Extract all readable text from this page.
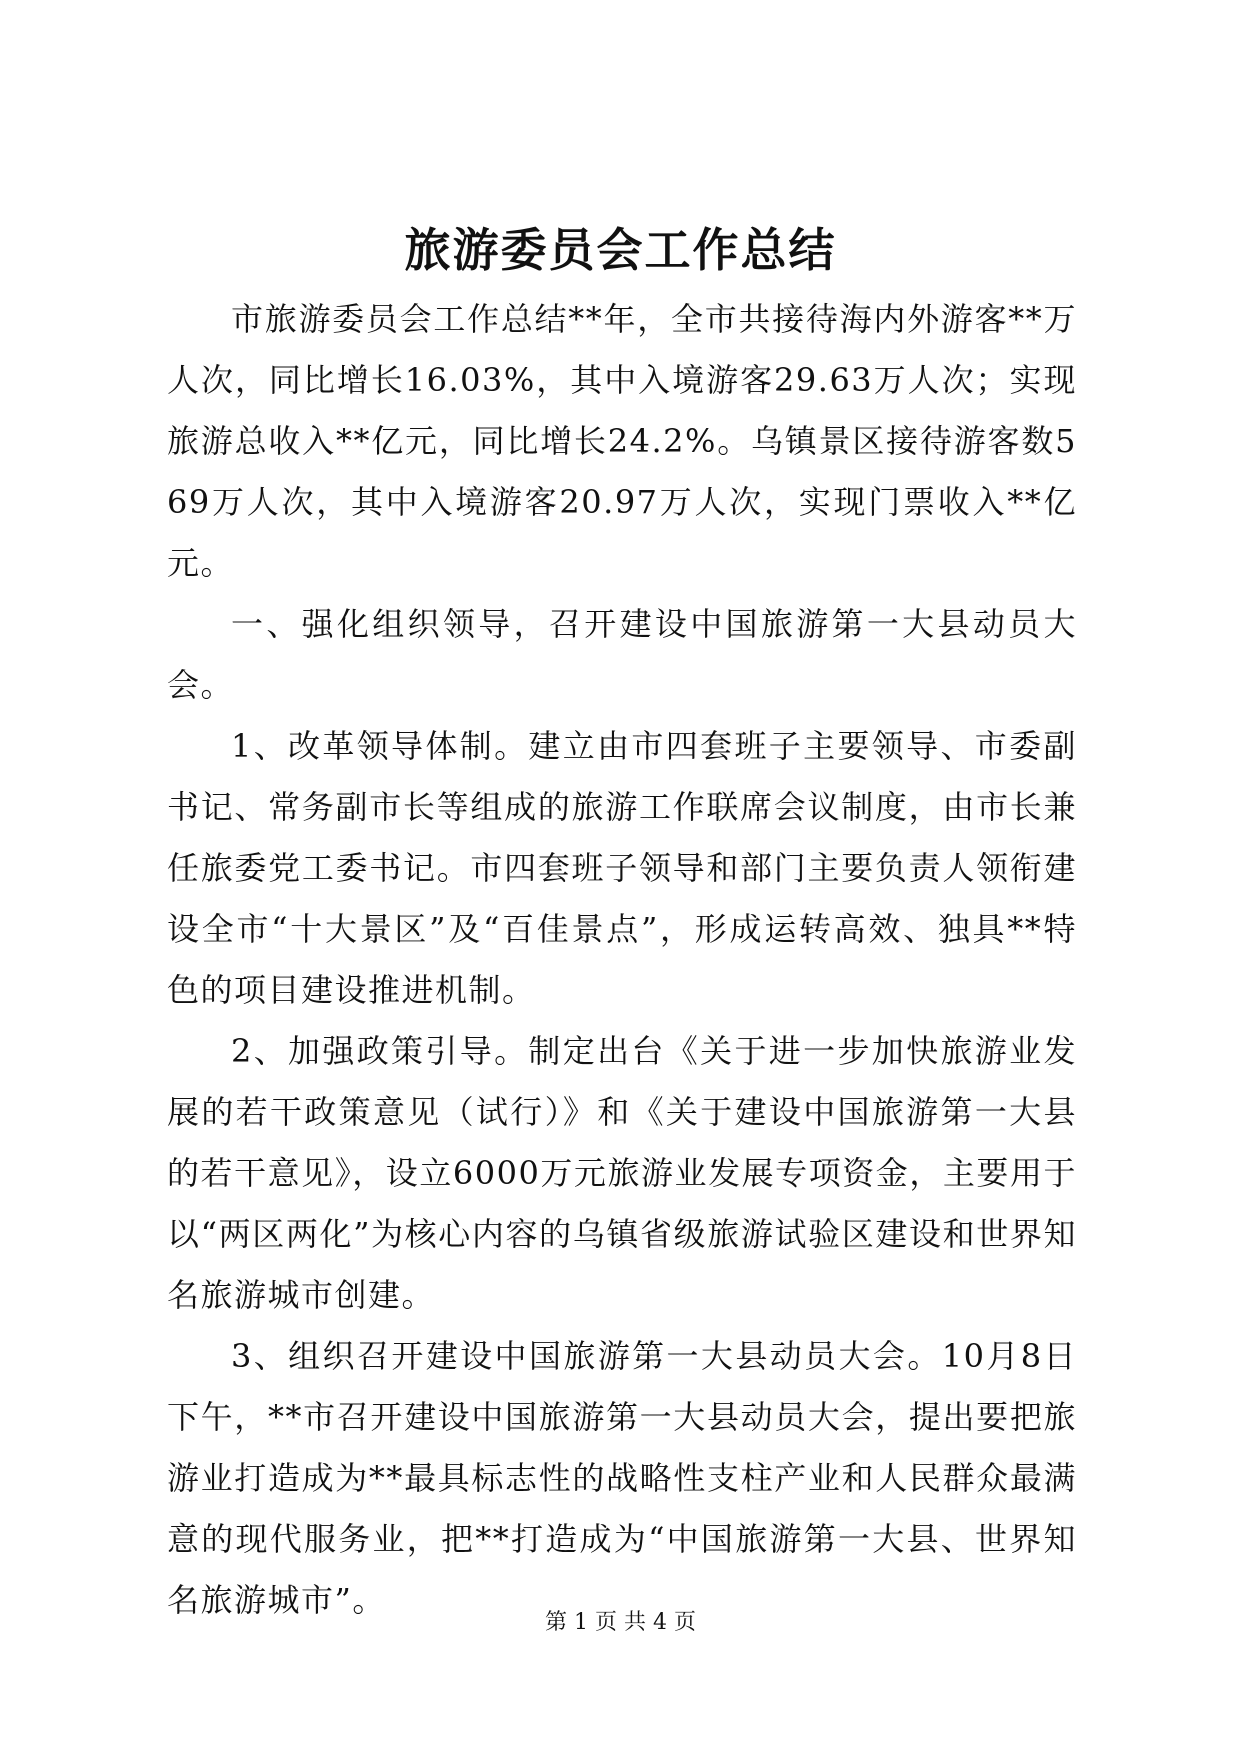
旅游委员会工作总结

市旅游委员会工作总结**年，全市共接待海内外游客**万人次，同比增长16.03%，其中入境游客29.63万人次；实现旅游总收入**亿元，同比增长24.2%。乌镇景区接待游客数569万人次，其中入境游客20.97万人次，实现门票收入**亿元。

一、强化组织领导，召开建设中国旅游第一大县动员大会。

1、改革领导体制。建立由市四套班子主要领导、市委副书记、常务副市长等组成的旅游工作联席会议制度，由市长兼任旅委党工委书记。市四套班子领导和部门主要负责人领衔建设全市“十大景区”及“百佳景点”，形成运转高效、独具**特色的项目建设推进机制。

2、加强政策引导。制定出台《关于进一步加快旅游业发展的若干政策意见（试行）》和《关于建设中国旅游第一大县的若干意见》，设立6000万元旅游业发展专项资金，主要用于以“两区两化”为核心内容的乌镇省级旅游试验区建设和世界知名旅游城市创建。

3、组织召开建设中国旅游第一大县动员大会。10月8日下午，**市召开建设中国旅游第一大县动员大会，提出要把旅游业打造成为**最具标志性的战略性支柱产业和人民群众最满意的现代服务业，把**打造成为“中国旅游第一大县、世界知名旅游城市”。

第 1 页 共 4 页
